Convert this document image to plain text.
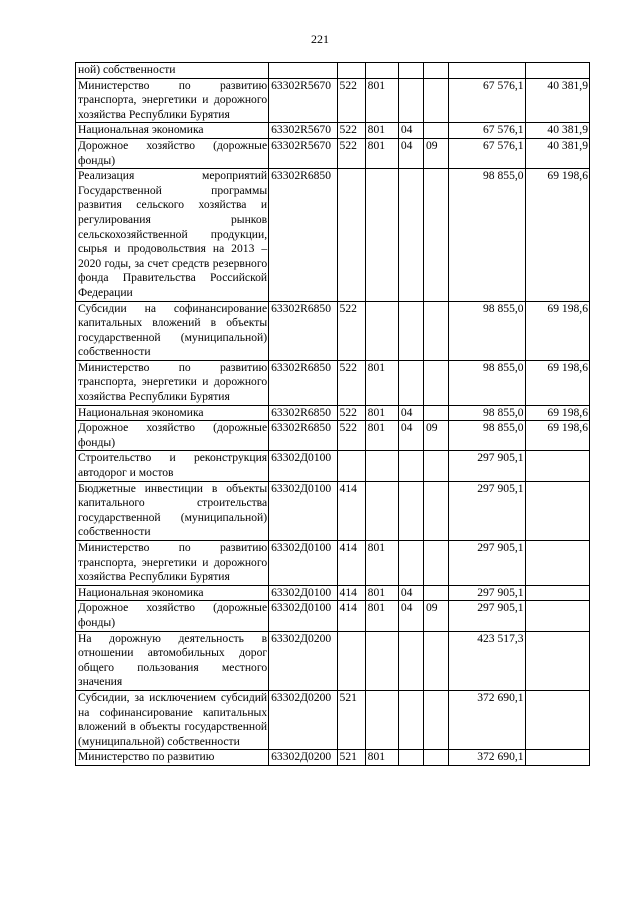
221
ной) собственности							
Министерство по развитию транспорта, энергетики и дорожного хозяйства Республики Бурятия	63302R5670	522	801			67 576,1	40 381,9
Национальная экономика	63302R5670	522	801	04		67 576,1	40 381,9
Дорожное хозяйство (дорожные фонды)	63302R5670	522	801	04	09	67 576,1	40 381,9
Реализация мероприятий Государственной программы развития сельского хозяйства и регулирования рынков сельскохозяйственной продукции, сырья и продовольствия на 2013 – 2020 годы, за счет средств резервного фонда Правительства Российской Федерации	63302R6850					98 855,0	69 198,6
Субсидии на софинансирование капитальных вложений в объекты государственной (муниципальной) собственности	63302R6850	522				98 855,0	69 198,6
Министерство по развитию транспорта, энергетики и дорожного хозяйства Республики Бурятия	63302R6850	522	801			98 855,0	69 198,6
Национальная экономика	63302R6850	522	801	04		98 855,0	69 198,6
Дорожное хозяйство (дорожные фонды)	63302R6850	522	801	04	09	98 855,0	69 198,6
Строительство и реконструкция автодорог и мостов	63302Д0100					297 905,1	
Бюджетные инвестиции в объекты капитального строительства государственной (муниципальной) собственности	63302Д0100	414				297 905,1	
Министерство по развитию транспорта, энергетики и дорожного хозяйства Республики Бурятия	63302Д0100	414	801			297 905,1	
Национальная экономика	63302Д0100	414	801	04		297 905,1	
Дорожное хозяйство (дорожные фонды)	63302Д0100	414	801	04	09	297 905,1	
На дорожную деятельность в отношении автомобильных дорог общего пользования местного значения	63302Д0200					423 517,3	
Субсидии, за исключением субсидий на софинансирование капитальных вложений в объекты государственной (муниципальной) собственности	63302Д0200	521				372 690,1	
Министерство по развитию	63302Д0200	521	801			372 690,1	
